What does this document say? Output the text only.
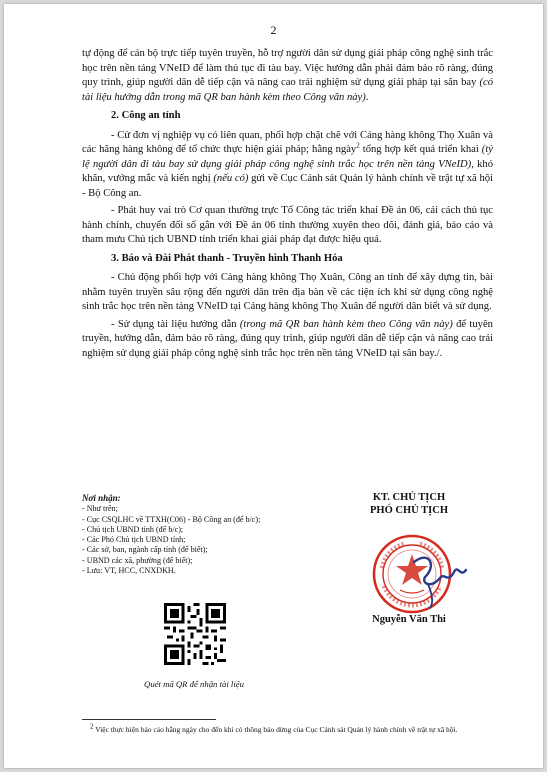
2

tự động để cán bộ trực tiếp tuyên truyền, hỗ trợ người dân sử dụng giải pháp công nghệ sinh trắc học trên nền tảng VNeID để làm thủ tục đi tàu bay. Việc hướng dẫn phải đảm bảo rõ ràng, đúng quy trình, giúp người dân dễ tiếp cận và nâng cao trải nghiệm sử dụng giải pháp tại sân bay (có tài liệu hướng dẫn trong mã QR ban hành kèm theo Công văn này).

2. Công an tỉnh

- Cử đơn vị nghiệp vụ có liên quan, phối hợp chặt chẽ với Cảng hàng không Thọ Xuân và các hãng hàng không để tổ chức thực hiện giải pháp; hằng ngày$^2$ tổng hợp kết quả triển khai (tỷ lệ người dân đi tàu bay sử dụng giải pháp công nghệ sinh trắc học trên nền tảng VNeID), khó khăn, vướng mắc và kiến nghị (nếu có) gửi về Cục Cảnh sát Quản lý hành chính về trật tự xã hội - Bộ Công an.

- Phát huy vai trò Cơ quan thường trực Tổ Công tác triển khai Đề án 06, cải cách thủ tục hành chính, chuyển đổi số gắn với Đề án 06 tỉnh thường xuyên theo dõi, đánh giá, báo cáo và tham mưu Chủ tịch UBND tỉnh triển khai giải pháp đạt được hiệu quả.

3. Báo và Đài Phát thanh - Truyền hình Thanh Hóa

- Chủ động phối hợp với Cảng hàng không Thọ Xuân, Công an tỉnh để xây dựng tin, bài nhằm tuyên truyền sâu rộng đến người dân trên địa bàn về các tiện ích khi sử dụng công nghệ sinh trắc học trên nền tảng VNeID tại Cảng hàng không Thọ Xuân để người dân biết và sử dụng.

- Sử dụng tài liệu hướng dẫn (trong mã QR ban hành kèm theo Công văn này) để tuyên truyền, hướng dẫn, đảm bảo rõ ràng, đúng quy trình, giúp người dân dễ tiếp cận và nâng cao trải nghiệm sử dụng giải pháp công nghệ sinh trắc học trên nền tảng VNeID tại sân bay./.

Nơi nhận:
- Như trên;
- Cục CSQLHC về TTXH(C06) - Bộ Công an (để b/c);
- Chủ tịch UBND tỉnh (để b/c);
- Các Phó Chủ tịch UBND tỉnh;
- Các sở, ban, ngành cấp tỉnh (để biết);
- UBND các xã, phường (để biết);
- Lưu: VT, HCC, CNXDKH.
KT. CHỦ TỊCH
PHÓ CHỦ TỊCH
Nguyễn Văn Thi
Quét mã QR để nhận tài liệu
$^2$ Việc thực hiện báo cáo hằng ngày cho đến khi có thông báo dừng của Cục Cảnh sát Quản lý hành chính về trật tự xã hội.
